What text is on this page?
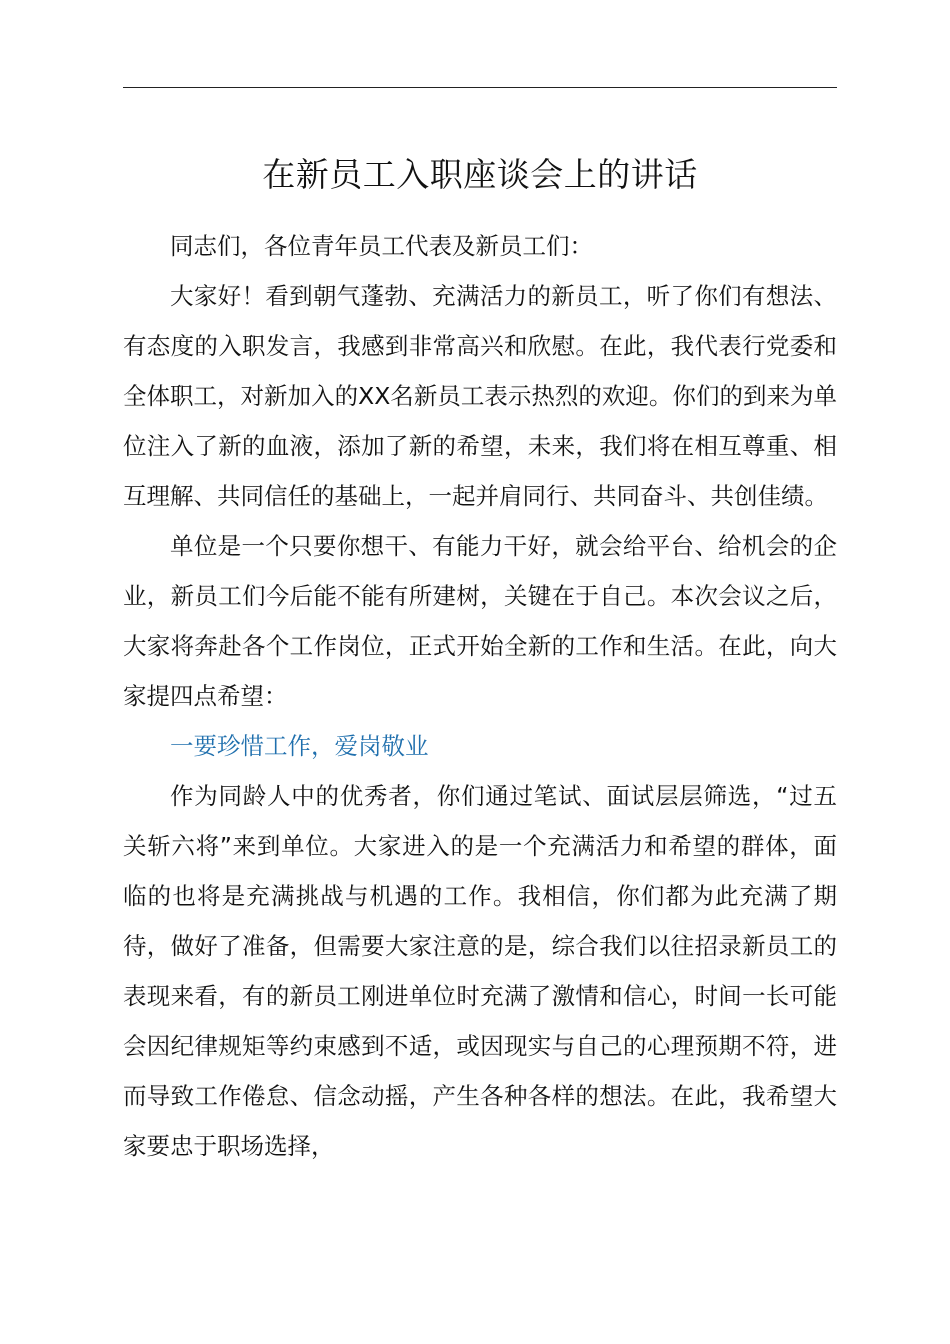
在新员工入职座谈会上的讲话

同志们，各位青年员工代表及新员工们：

大家好！看到朝气蓬勃、充满活力的新员工，听了你们有想法、有态度的入职发言，我感到非常高兴和欣慰。在此，我代表行党委和全体职工，对新加入的XX名新员工表示热烈的欢迎。你们的到来为单位注入了新的血液，添加了新的希望，未来，我们将在相互尊重、相互理解、共同信任的基础上，一起并肩同行、共同奋斗、共创佳绩。

单位是一个只要你想干、有能力干好，就会给平台、给机会的企业，新员工们今后能不能有所建树，关键在于自己。本次会议之后，大家将奔赴各个工作岗位，正式开始全新的工作和生活。在此，向大家提四点希望：

一要珍惜工作，爱岗敬业

作为同龄人中的优秀者，你们通过笔试、面试层层筛选，“过五关斩六将”来到单位。大家进入的是一个充满活力和希望的群体，面临的也将是充满挑战与机遇的工作。我相信，你们都为此充满了期待，做好了准备，但需要大家注意的是，综合我们以往招录新员工的表现来看，有的新员工刚进单位时充满了激情和信心，时间一长可能会因纪律规矩等约束感到不适，或因现实与自己的心理预期不符，进而导致工作倦怠、信念动摇，产生各种各样的想法。在此，我希望大家要忠于职场选择，
